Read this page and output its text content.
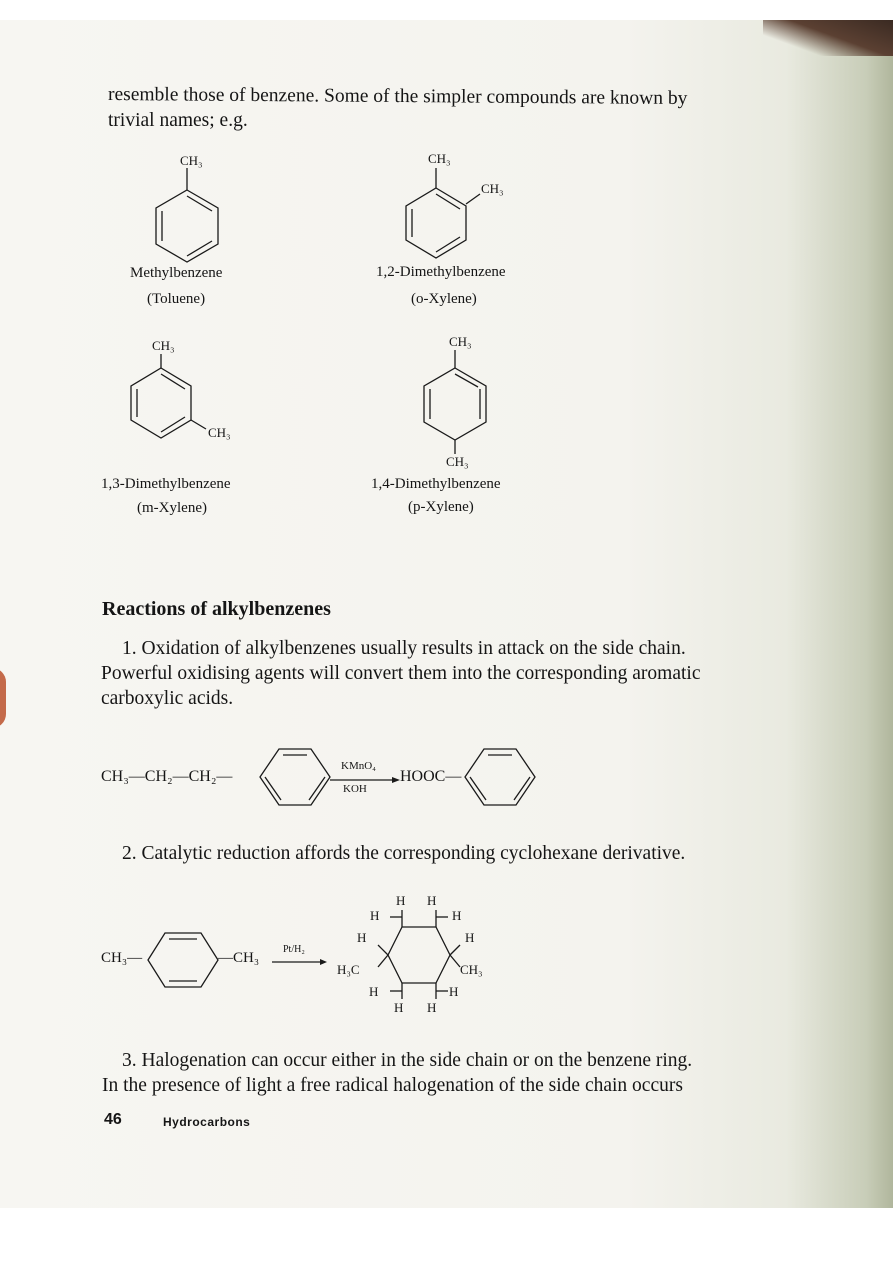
resemble those of benzene. Some of the simpler compounds are known by
trivial names; e.g.
CH₃
Methylbenzene
(Toluene)
CH₃
CH₃
1,2-Dimethylbenzene
(o-Xylene)
CH₃
CH₃
1,3-Dimethylbenzene
(m-Xylene)
CH₃
CH₃
1,4-Dimethylbenzene
(p-Xylene)
Reactions of alkylbenzenes
1. Oxidation of alkylbenzenes usually results in attack on the side chain.
Powerful oxidising agents will convert them into the corresponding aromatic
carboxylic acids.
CH₃—CH₂—CH₂—
KMnO₄
KOH
HOOC—
2. Catalytic reduction affords the corresponding cyclohexane derivative.
CH₃—	—CH₃
Pt/H₂
H H
H	H
H	H
H₃C	CH₃
H	H
H H
3. Halogenation can occur either in the side chain or on the benzene ring.
In the presence of light a free radical halogenation of the side chain occurs
46	Hydrocarbons
